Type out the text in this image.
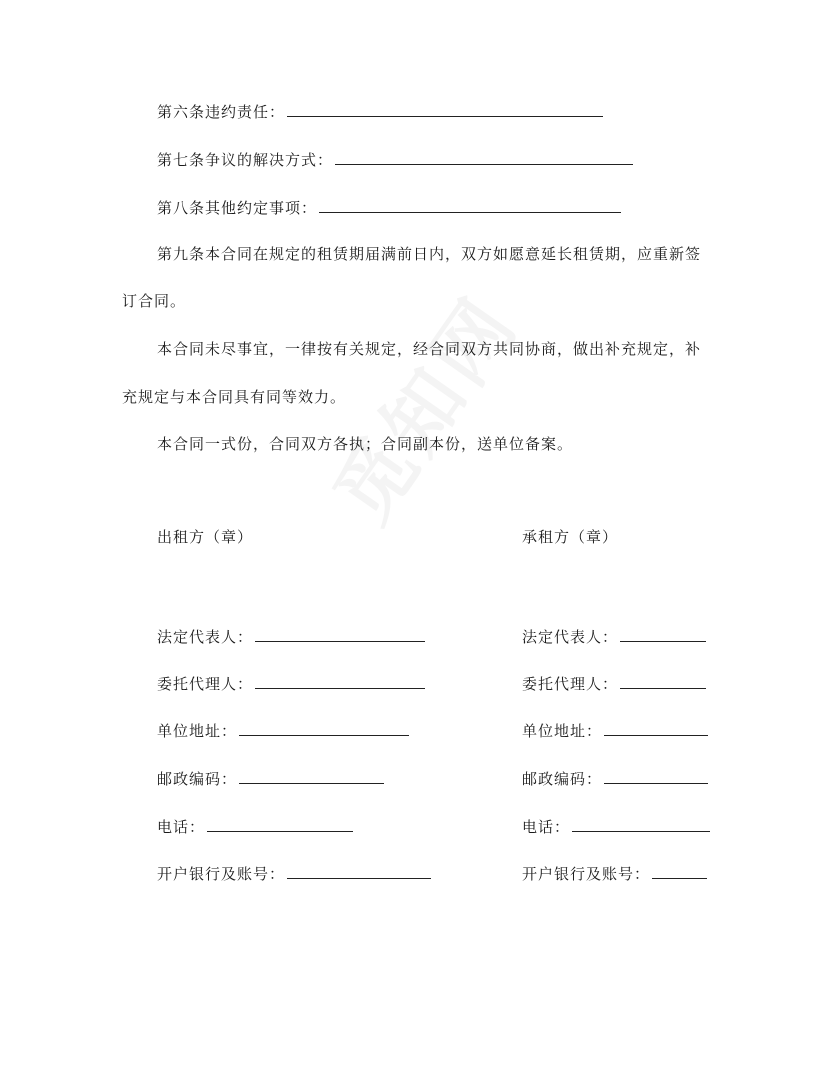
第六条违约责任：
第七条争议的解决方式：
第八条其他约定事项：
第九条本合同在规定的租赁期届满前日内，双方如愿意延长租赁期，应重新签
订合同。
本合同未尽事宜，一律按有关规定，经合同双方共同协商，做出补充规定，补
充规定与本合同具有同等效力。
本合同一式份，合同双方各执；合同副本份，送单位备案。
出租方（章）
法定代表人：
委托代理人：
单位地址：
邮政编码：
电话：
开户银行及账号：
承租方（章）
法定代表人：
委托代理人：
单位地址：
邮政编码：
电话：
开户银行及账号：
